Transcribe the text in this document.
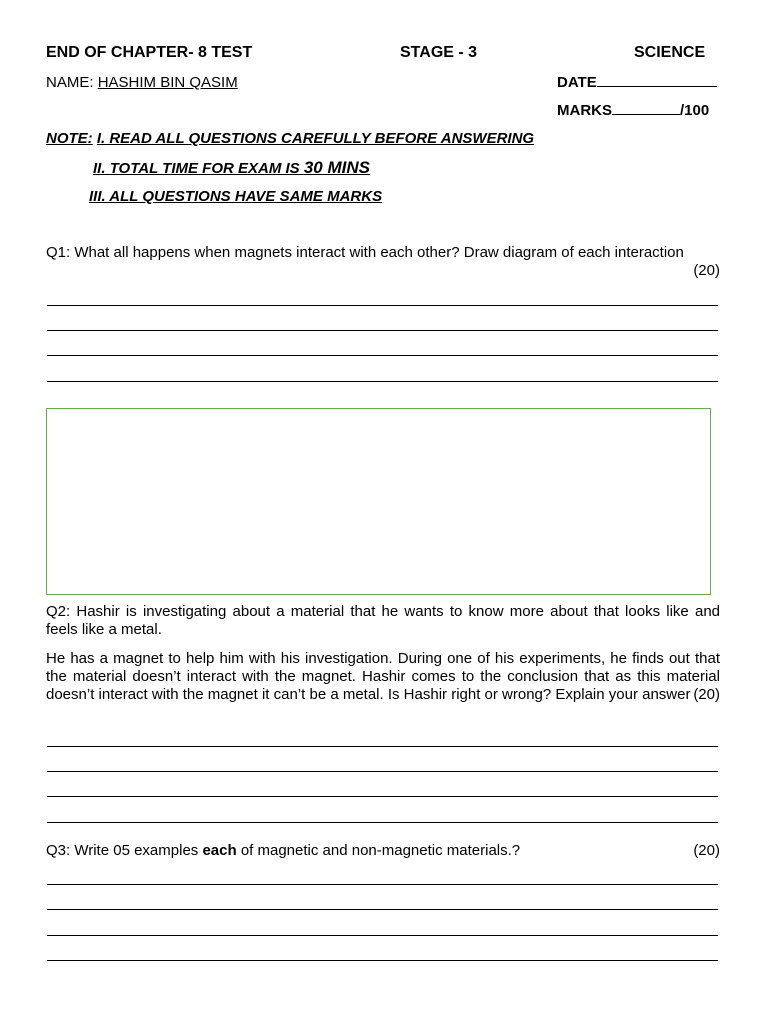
END OF CHAPTER- 8 TEST	STAGE - 3	SCIENCE
NAME: HASHIM BIN QASIM	DATE
MARKS	/100
NOTE: I. READ ALL QUESTIONS CAREFULLY BEFORE ANSWERING
II. TOTAL TIME FOR EXAM IS 30 MINS
III. ALL QUESTIONS HAVE SAME MARKS
Q1: What all happens when magnets interact with each other? Draw diagram of each interaction
(20)
Q2: Hashir is investigating about a material that he wants to know more about that looks like and feels like a metal.
He has a magnet to help him with his investigation. During one of his experiments, he finds out that the material doesn’t interact with the magnet. Hashir comes to the conclusion that as this material doesn’t interact with the magnet it can’t be a metal. Is Hashir right or wrong? Explain your answer (20)
Q3: Write 05 examples each of magnetic and non-magnetic materials.?	(20)
